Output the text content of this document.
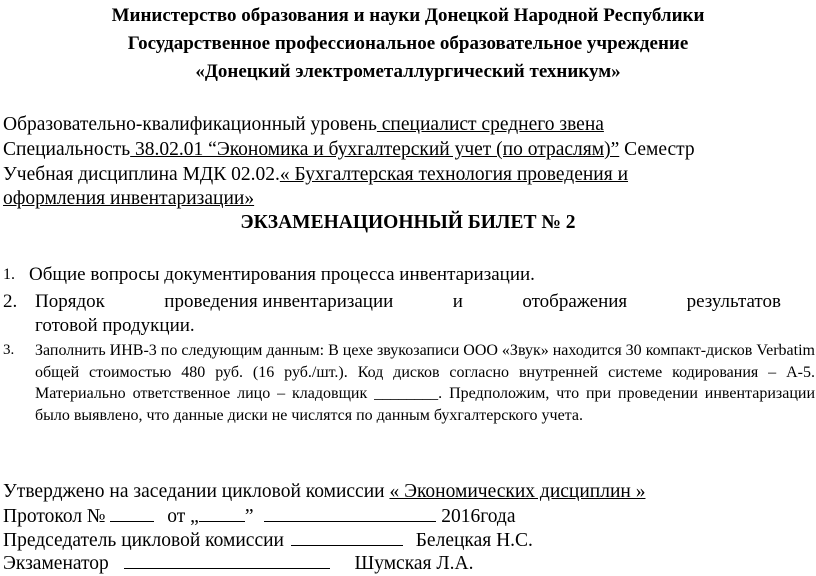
Министерство образования и науки Донецкой Народной Республики
Государственное профессиональное образовательное учреждение
«Донецкий электрометаллургический техникум»
Образовательно-квалификационный уровень специалист среднего звена
Специальность 38.02.01 “Экономика и бухгалтерский учет (по отраслям)” Семестр
Учебная дисциплина МДК 02.02.« Бухгалтерская технология проведения и
оформления инвентаризации»
ЭКЗАМЕНАЦИОННЫЙ БИЛЕТ № 2
1. Общие вопросы документирования процесса инвентаризации.
2. Порядок	проведения инвентаризации	и	отображения	результатов
готовой продукции.
3.	Заполнить ИНВ-3 по следующим данным: В цехе звукозаписи ООО «Звук» находится 30 компакт-дисков Verbatim общей стоимостью 480 руб. (16 руб./шт.). Код дисков согласно внутренней системе кодирования – А-5. Материально ответственное лицо – кладовщик ________. Предположим, что при проведении инвентаризации было выявлено, что данные диски не числятся по данным бухгалтерского учета.
Утверджено на заседании цикловой комиссии « Экономических дисциплин »
Протокол №	от „ ”	2016года
Председатель цикловой комиссии	Белецкая Н.С.
Экзаменатор	Шумская Л.А.
